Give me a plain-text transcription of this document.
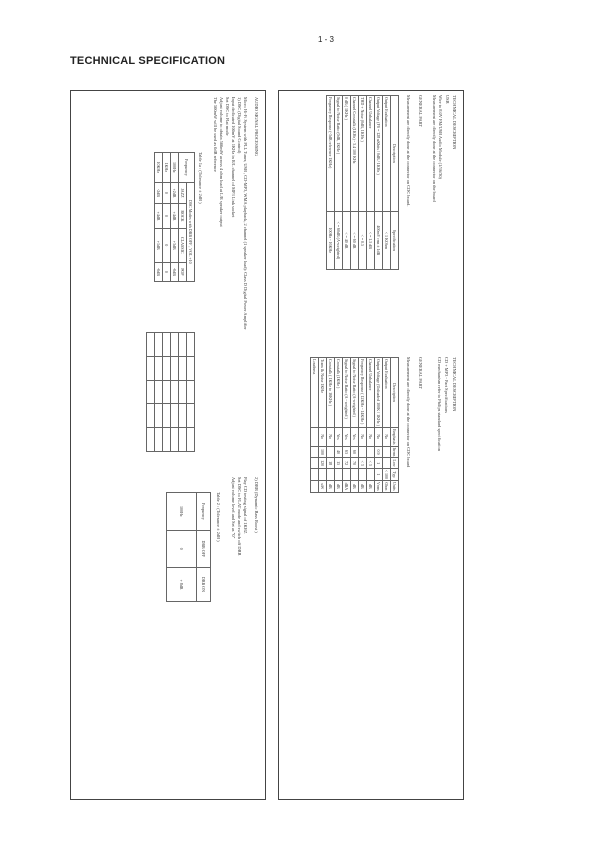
1 - 3
TECHNICAL SPECIFICATION
AUDIO SIGNAL PROCESSING
Micro Hi-Fi System with PLL Tuner, USB , CD-MP3, WMA playback, 2 channel (1 speaker load): Class D Digital Power Amplifier
1) DSC (Digital Sound Control)
Input dedicated 100mV at 1KHz in R/L channel of MP3 Link socket
Set DSC to Flat mode
Adjust volume to obtain 500mW across 4 ohm load at L/R speaker output
The 500mW will be used as 0dB reference
Table 1a : (Tolerance ± 2dB )
Frequency	DSC Modes with DBB OFF , VOL +10			
	JAZZ	ROCK	CLASSIC	POP
100Hz	+2dB	+4dB	+3dB	-6dB
1KHz	0	0	0	0
10KHz	-2dB	+4dB	+1dB	-6dB

2) DBB (Dynamic Bass Boost )
Play CD testing signal of 1KHZ
Set DSC to FLAT mode and switch off DBB
Adjust volume level and Set as "0"
Table 2 : (Tolerance ± 2dB )
Frequency	DBB OFF	DBB ON
100Hz	0	+ 8dB
TECHNICAL DESCRIPTION
USB
Wire to 8.0V FM/USB Audio Module (1/36/30)
Measurement are directly done at the connector on the board
GENERAL PART
Measurement are directly done at the connector on CDC board.
Description	Specification
Output Evaluation	< 1 KOhm
Output Voltage (FS = 128 uKbits / 0dB / 1KHz )	400mV rms ± 1dB
Channel Unbalance	< = 1.5 dB
THD + Noise (0dB, 1KHz )	< = 0.5
Channel Crosstalk (1KHz) - 3.4 100 KHz	< = 60 dB
0 dB ( 1KHz )	< = 40 dB
Signal to Noise Ratio (0dB, 1KHz )	< = 60dB (A-weighted)
Frequency Response (-3dB reference 1KHz)	100Hz - 16KHz
TECHNICAL DESCRIPTION
CD + MP3 - Part Specifications
CD mechanism refer to Philips standard specification
GENERAL PART
Measurement are directly done at the connector on CDC board
Description	Emphasis	Items	Low	Typ	Units
Output Evaluation	No			< 100	Ohm
Output Voltage (Unloaded 100K / 1KHz )	No	0.9	1	1	Vrms
Channel Unbalance	No		< 3		dB
Frequency Response ( 12KHz - 14KHz )	No		< 3		dB
Signal to Noise Ratio (A-weighted )	Yes	60	70		dB
Signal to Noise Ratio (A - weighted )	Yes	63	72		dBA
Crosstalk (1KHz )	Yes	40	15		dB
Crosstalk ( 1KHz to 16KHz )	No		18		dB
Trans & Noise 1KHz	No	100	120		uW
Loudness					
